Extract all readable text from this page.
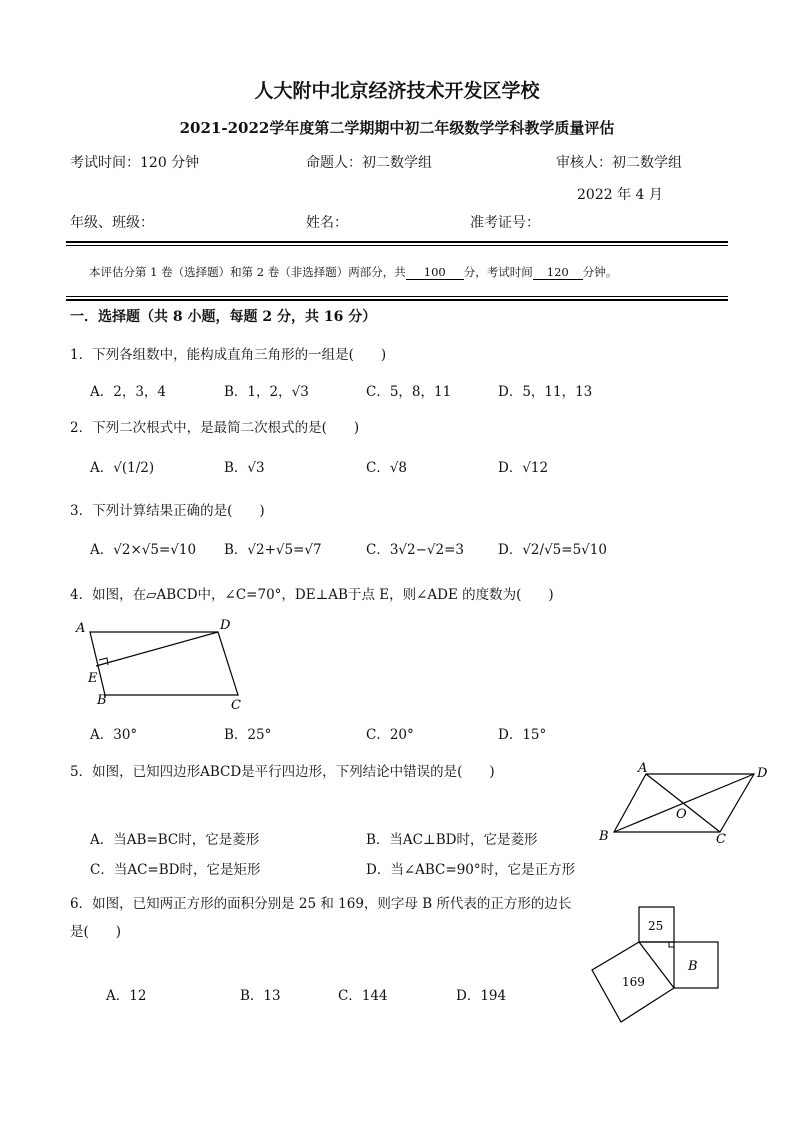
人大附中北京经济技术开发区学校
2021-2022学年度第二学期期中初二年级数学学科教学质量评估
考试时间：120 分钟	命题人：初二数学组	审核人：初二数学组
2022 年 4 月
年级、班级：	姓名：	准考证号：
本评估分第 1 卷（选择题）和第 2 卷（非选择题）两部分，共 100 分，考试时间 120 分钟。
一．选择题（共 8 小题，每题 2 分，共 16 分）
1．下列各组数中，能构成直角三角形的一组是(　　)
A．2，3，4	B．1，2，√3	C．5，8，11	D．5，11，13
2．下列二次根式中，是最简二次根式的是(　　)
A．√(1/2)	B．√3	C．√8	D．√12
3．下列计算结果正确的是(　　)
A．√2×√5=√10 B．√2+√5=√7	C．3√2−√2=3	D．√2/√5=5√10
4．如图，在▱ABCD中，∠C=70°，DE⊥AB于点 E，则∠ADE 的度数为(　　)
A	D
E
B	C
A．30°	B．25°	C．20°	D．15°
5．如图，已知四边形ABCD是平行四边形，下列结论中错误的是(　　)	A	D
O
B	C
A．当AB=BC时，它是菱形	B．当AC⊥BD时，它是菱形
C．当AC=BD时，它是矩形	D．当∠ABC=90°时，它是正方形
6．如图，已知两正方形的面积分别是 25 和 169，则字母 B 所代表的正方形的边长
是(　　)	25
B
169
A．12	B．13	C．144	D．194
